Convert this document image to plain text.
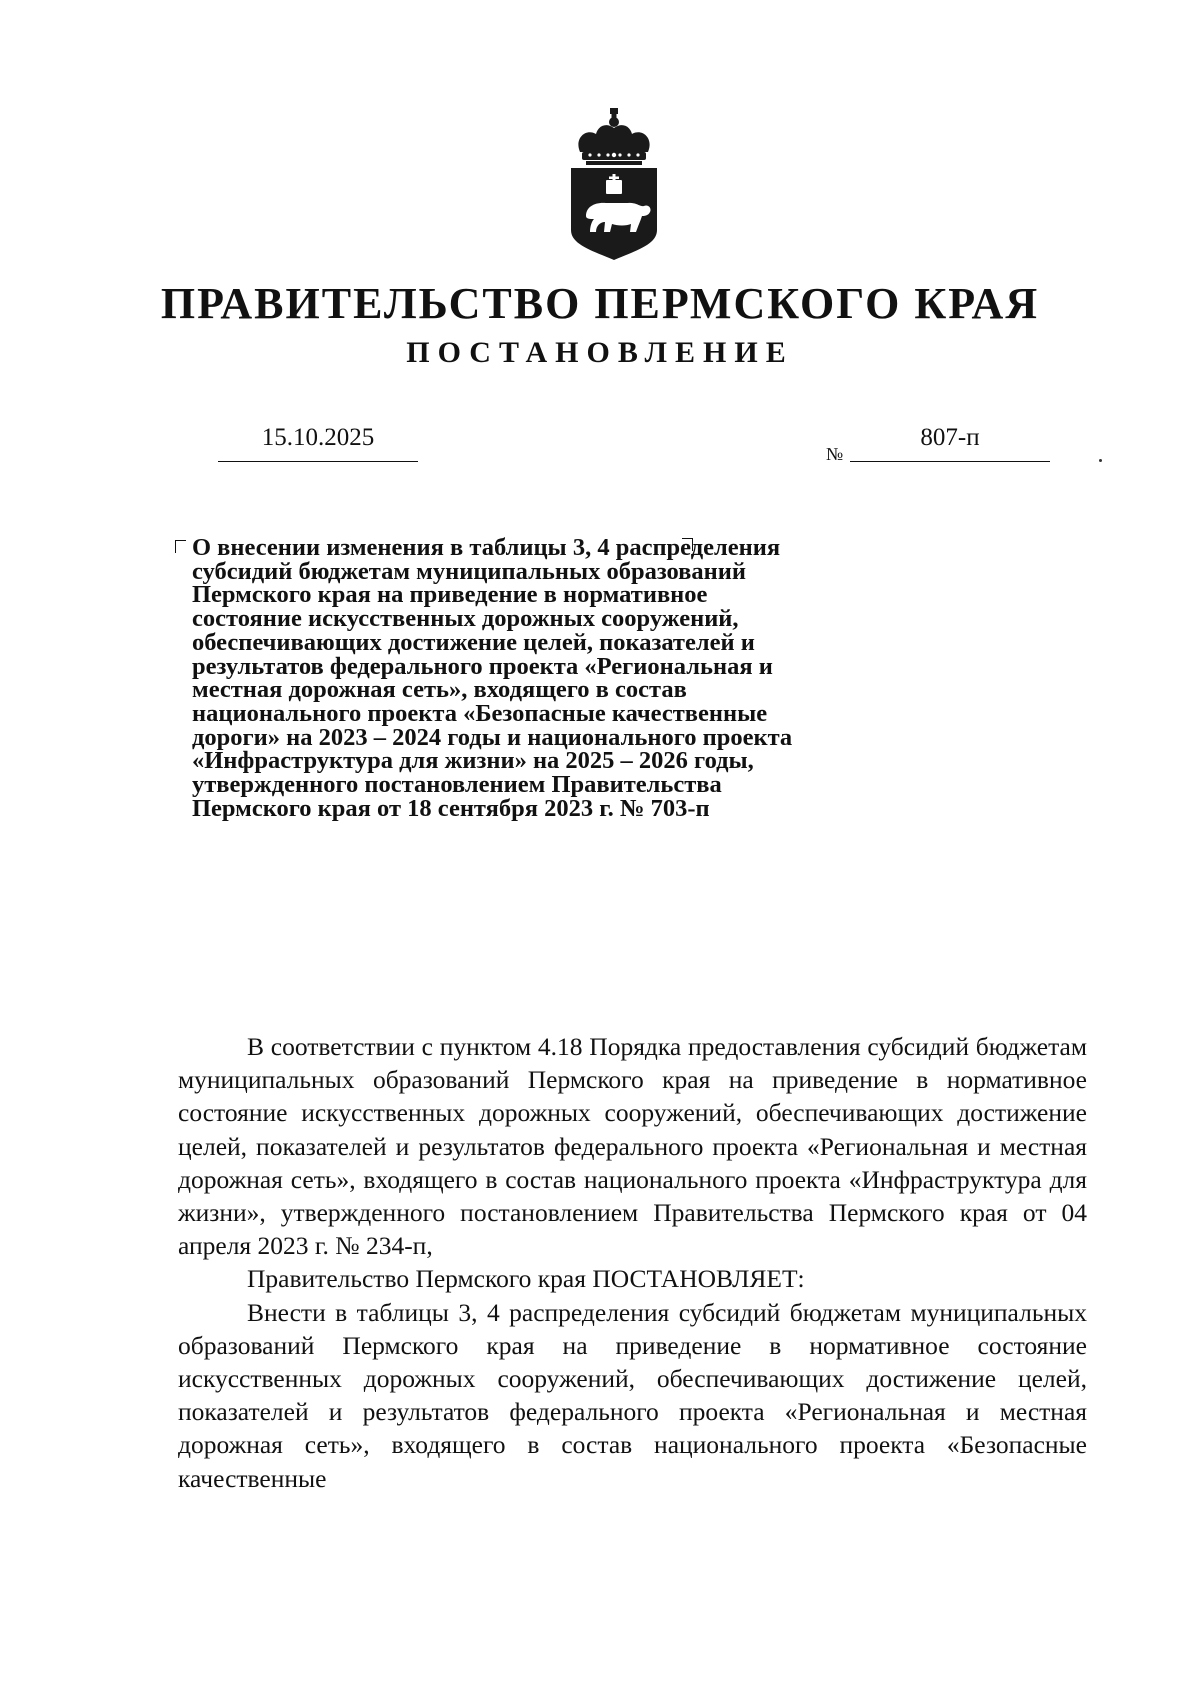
ПРАВИТЕЛЬСТВО ПЕРМСКОГО КРАЯ
ПОСТАНОВЛЕНИЕ
15.10.2025
№
807-п

О внесении изменения в таблицы 3, 4 распределения субсидий бюджетам муниципальных образований Пермского края на приведение в нормативное состояние искусственных дорожных сооружений, обеспечивающих достижение целей, показателей и результатов федерального проекта «Региональная и местная дорожная сеть», входящего в состав национального проекта «Безопасные качественные дороги» на 2023 – 2024 годы и национального проекта «Инфраструктура для жизни» на 2025 – 2026 годы, утвержденного постановлением Правительства Пермского края от 18 сентября 2023 г. № 703-п

В соответствии с пунктом 4.18 Порядка предоставления субсидий бюджетам муниципальных образований Пермского края на приведение в нормативное состояние искусственных дорожных сооружений, обеспечивающих достижение целей, показателей и результатов федерального проекта «Региональная и местная дорожная сеть», входящего в состав национального проекта «Инфраструктура для жизни», утвержденного постановлением Правительства Пермского края от 04 апреля 2023 г. № 234-п,

Правительство Пермского края ПОСТАНОВЛЯЕТ:

Внести в таблицы 3, 4 распределения субсидий бюджетам муниципальных образований Пермского края на приведение в нормативное состояние искусственных дорожных сооружений, обеспечивающих достижение целей, показателей и результатов федерального проекта «Региональная и местная дорожная сеть», входящего в состав национального проекта «Безопасные качественные
